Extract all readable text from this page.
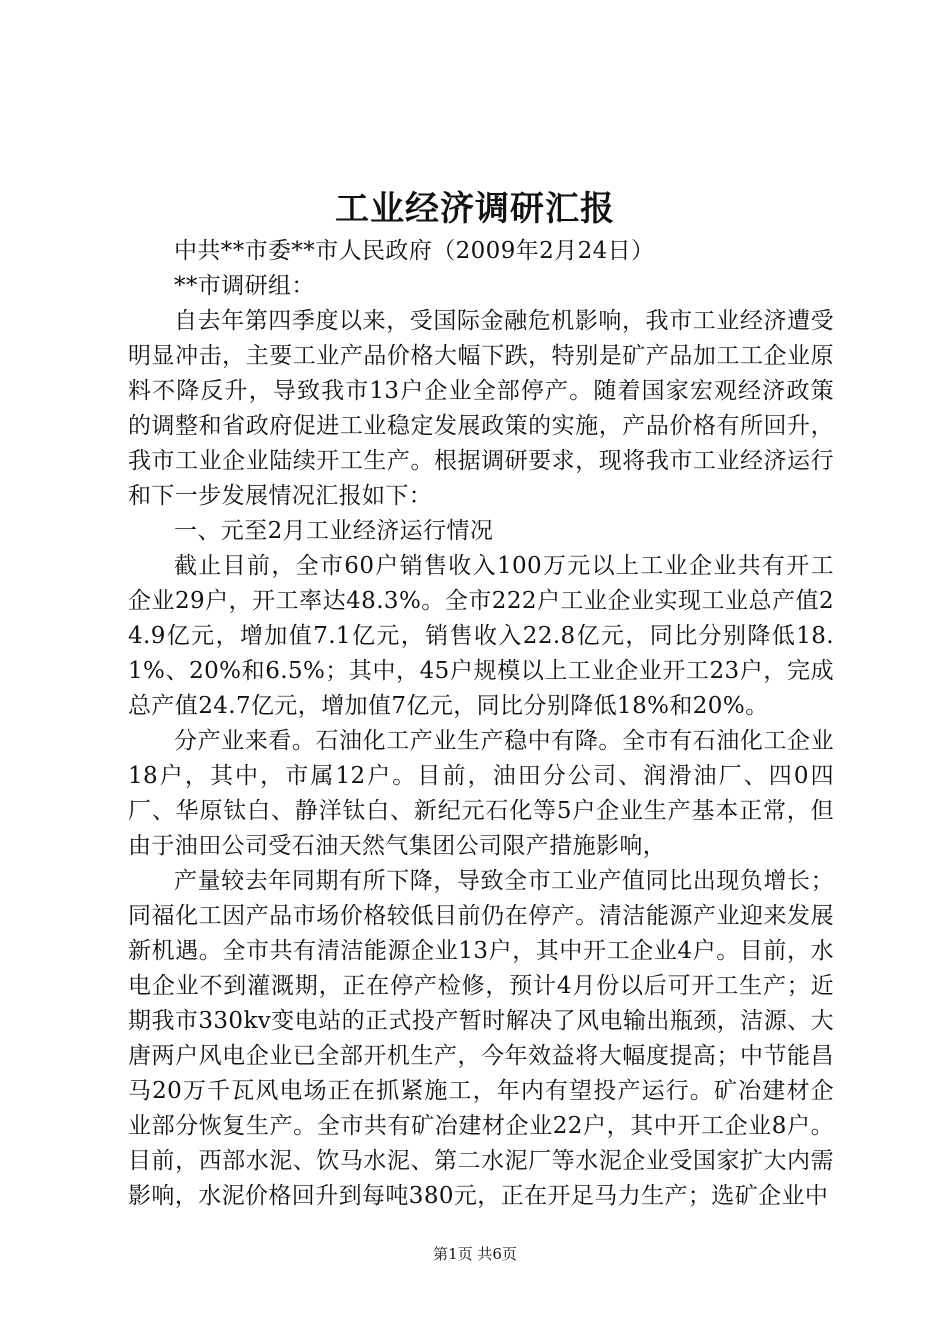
工业经济调研汇报

中共**市委**市人民政府（2009年2月24日）

**市调研组：

自去年第四季度以来，受国际金融危机影响，我市工业经济遭受明显冲击，主要工业产品价格大幅下跌，特别是矿产品加工工企业原料不降反升，导致我市13户企业全部停产。随着国家宏观经济政策的调整和省政府促进工业稳定发展政策的实施，产品价格有所回升，我市工业企业陆续开工生产。根据调研要求，现将我市工业经济运行和下一步发展情况汇报如下：

一、元至2月工业经济运行情况

截止目前，全市60户销售收入100万元以上工业企业共有开工企业29户，开工率达48.3%。全市222户工业企业实现工业总产值24.9亿元，增加值7.1亿元，销售收入22.8亿元，同比分别降低18.1%、20%和6.5%；其中，45户规模以上工业企业开工23户，完成总产值24.7亿元，增加值7亿元，同比分别降低18%和20%。

分产业来看。石油化工产业生产稳中有降。全市有石油化工企业18户，其中，市属12户。目前，油田分公司、润滑油厂、四0四厂、华原钛白、静洋钛白、新纪元石化等5户企业生产基本正常，但由于油田公司受石油天然气集团公司限产措施影响，

产量较去年同期有所下降，导致全市工业产值同比出现负增长；同福化工因产品市场价格较低目前仍在停产。清洁能源产业迎来发展新机遇。全市共有清洁能源企业13户，其中开工企业4户。目前，水电企业不到灌溉期，正在停产检修，预计4月份以后可开工生产；近期我市330kv变电站的正式投产暂时解决了风电输出瓶颈，洁源、大唐两户风电企业已全部开机生产，今年效益将大幅度提高；中节能昌马20万千瓦风电场正在抓紧施工，年内有望投产运行。矿冶建材企业部分恢复生产。全市共有矿冶建材企业22户，其中开工企业8户。目前，西部水泥、饮马水泥、第二水泥厂等水泥企业受国家扩大内需影响，水泥价格回升到每吨380元，正在开足马力生产；选矿企业中

第1页 共6页
